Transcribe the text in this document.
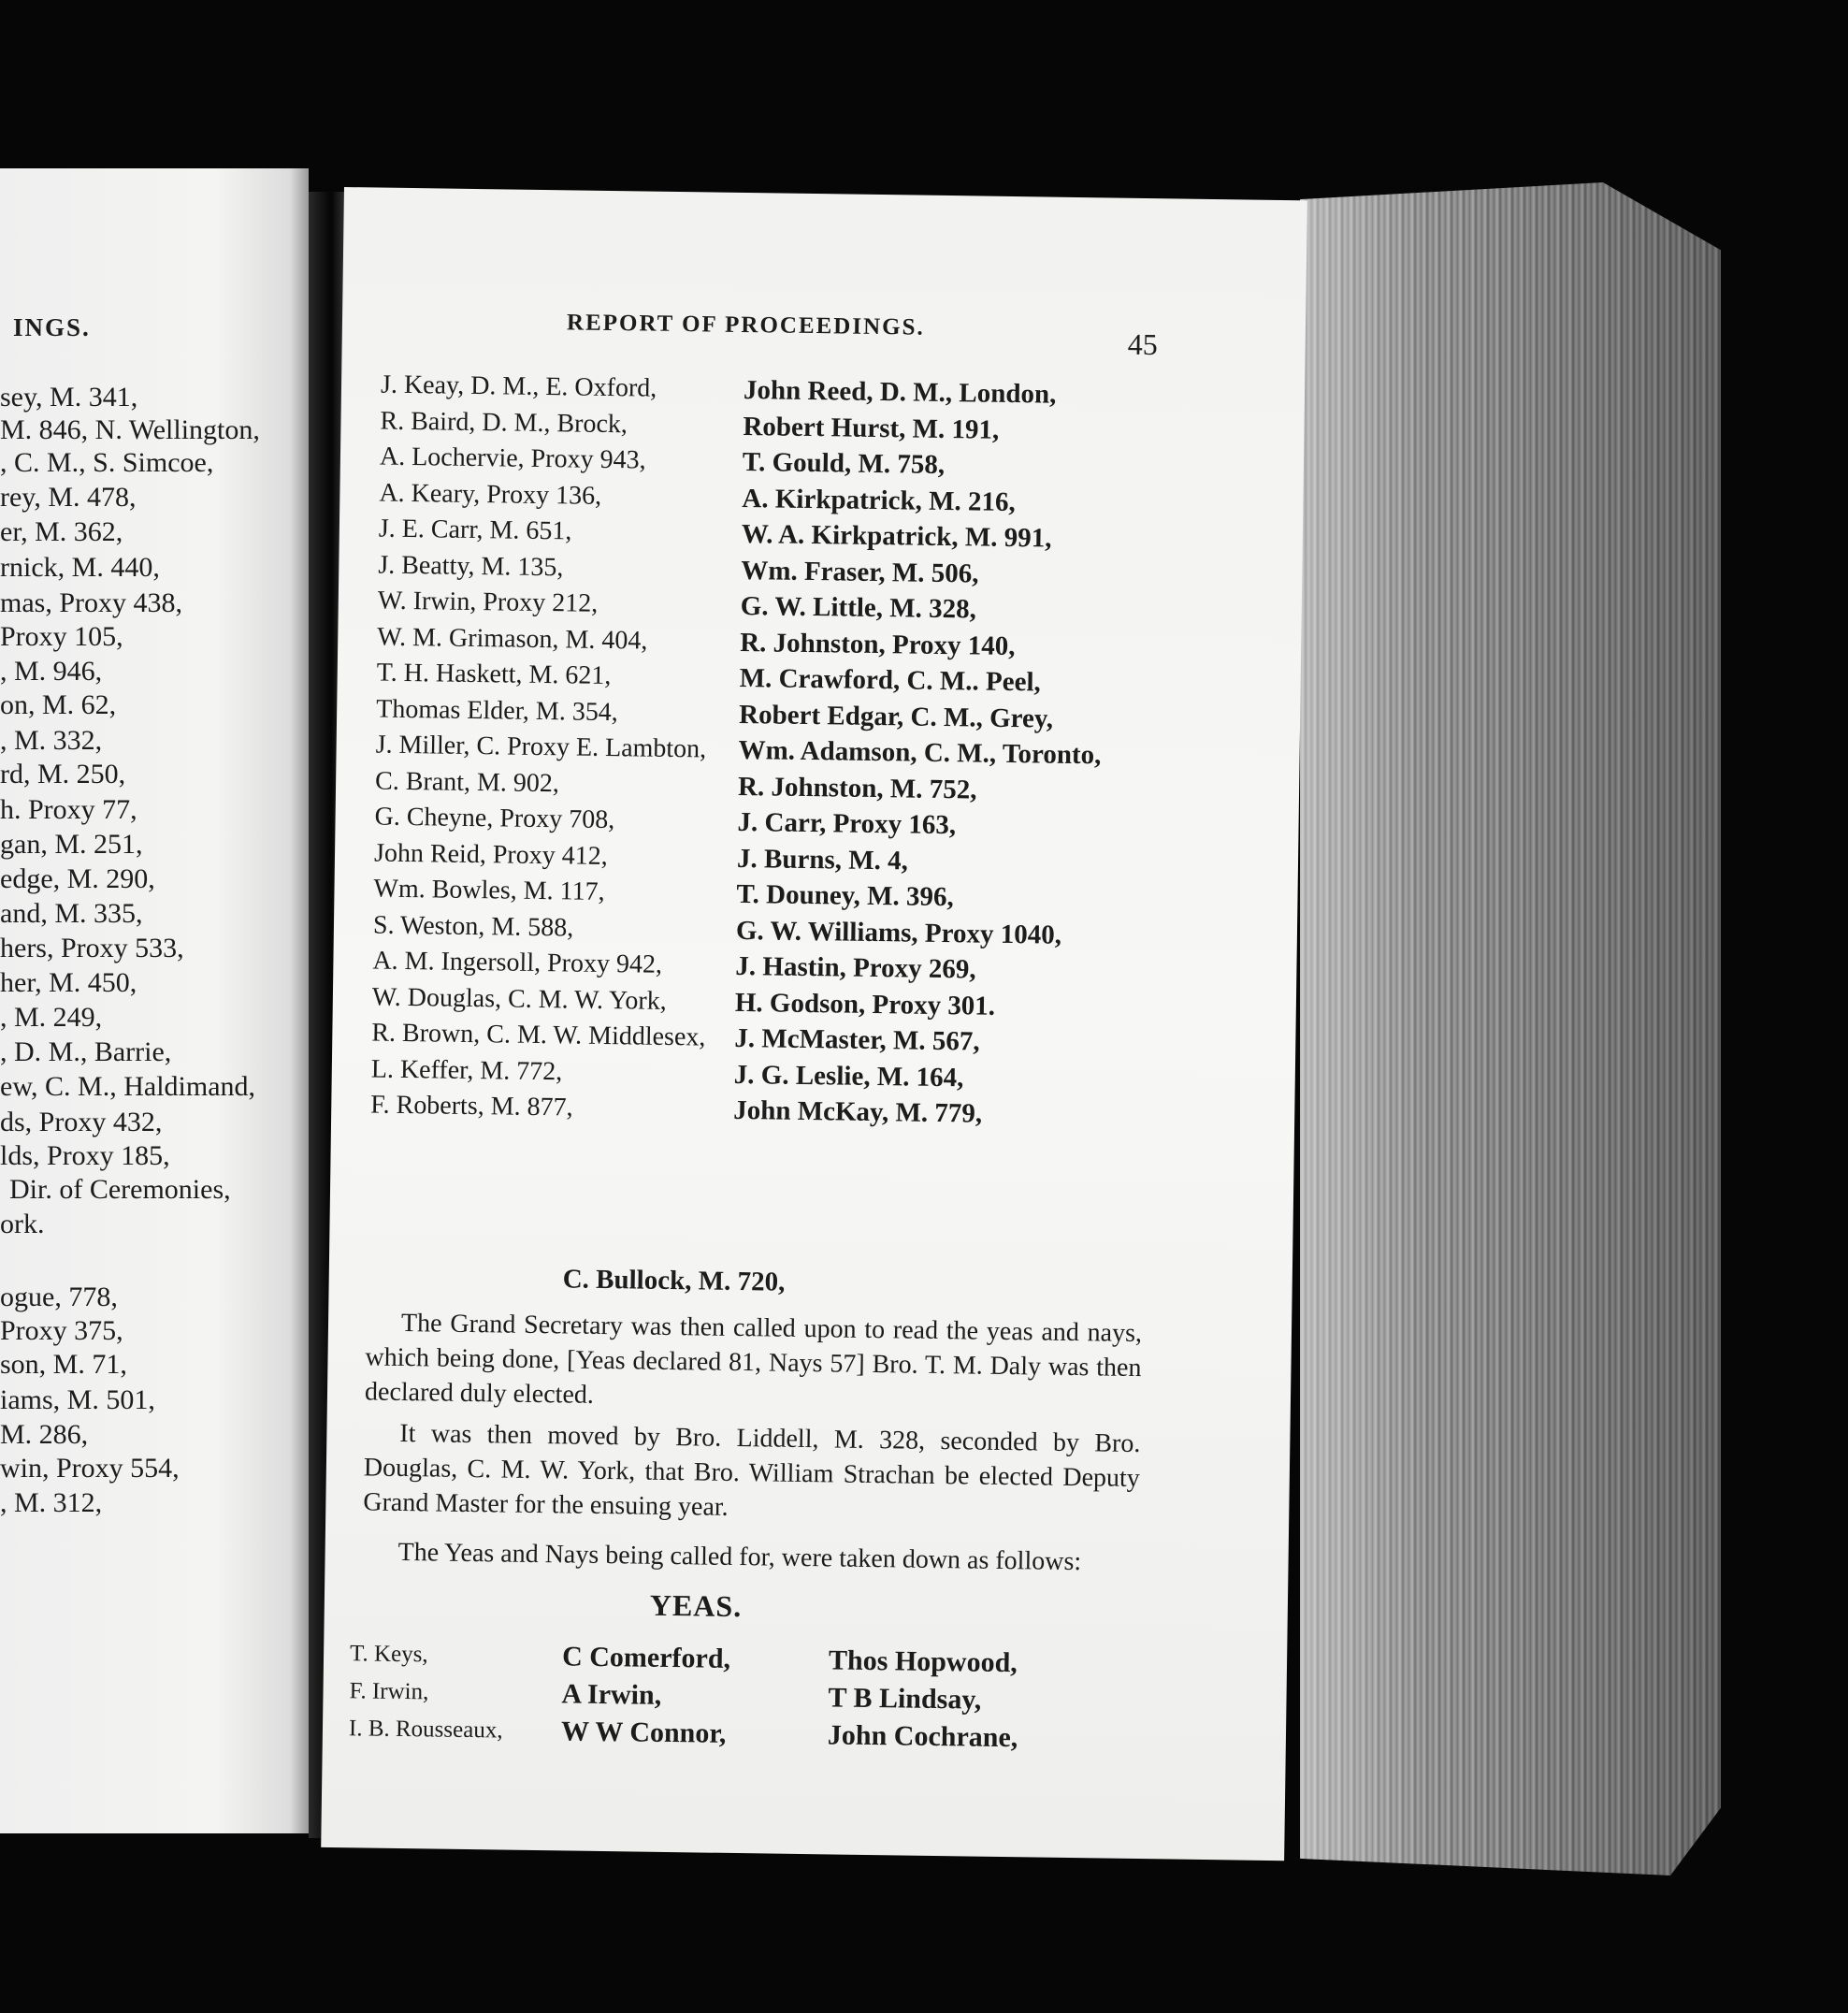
INGS.
sey, M. 341,
M. 846, N. Wellington,
, C. M., S. Simcoe,
rey, M. 478,
er, M. 362,
rnick, M. 440,
mas, Proxy 438,
Proxy 105,
, M. 946,
on, M. 62,
, M. 332,
rd, M. 250,
h. Proxy 77,
gan, M. 251,
edge, M. 290,
and, M. 335,
hers, Proxy 533,
her, M. 450,
, M. 249,
, D. M., Barrie,
ew, C. M., Haldimand,
ds, Proxy 432,
lds, Proxy 185,
Dir. of Ceremonies,
ork.
ogue, 778,
Proxy 375,
son, M. 71,
iams, M. 501,
M. 286,
win, Proxy 554,
, M. 312,
REPORT OF PROCEEDINGS.
45
J. Keay, D. M., E. Oxford,
R. Baird, D. M., Brock,
A. Lochervie, Proxy 943,
A. Keary, Proxy 136,
J. E. Carr, M. 651,
J. Beatty, M. 135,
W. Irwin, Proxy 212,
W. M. Grimason, M. 404,
T. H. Haskett, M. 621,
Thomas Elder, M. 354,
J. Miller, C. Proxy E. Lambton,
C. Brant, M. 902,
G. Cheyne, Proxy 708,
John Reid, Proxy 412,
Wm. Bowles, M. 117,
S. Weston, M. 588,
A. M. Ingersoll, Proxy 942,
W. Douglas, C. M. W. York,
R. Brown, C. M. W. Middlesex,
L. Keffer, M. 772,
F. Roberts, M. 877,
John Reed, D. M., London,
Robert Hurst, M. 191,
T. Gould, M. 758,
A. Kirkpatrick, M. 216,
W. A. Kirkpatrick, M. 991,
Wm. Fraser, M. 506,
G. W. Little, M. 328,
R. Johnston, Proxy 140,
M. Crawford, C. M.. Peel,
Robert Edgar, C. M., Grey,
Wm. Adamson, C. M., Toronto,
R. Johnston, M. 752,
J. Carr, Proxy 163,
J. Burns, M. 4,
T. Douney, M. 396,
G. W. Williams, Proxy 1040,
J. Hastin, Proxy 269,
H. Godson, Proxy 301.
J. McMaster, M. 567,
J. G. Leslie, M. 164,
John McKay, M. 779,
C. Bullock, M. 720,
The Grand Secretary was then called upon to read the yeas and nays, which being done, [Yeas declared 81, Nays 57] Bro. T. M. Daly was then declared duly elected.
It was then moved by Bro. Liddell, M. 328, seconded by Bro. Douglas, C. M. W. York, that Bro. William Strachan be elected Deputy Grand Master for the ensuing year.
The Yeas and Nays being called for, were taken down as follows:
YEAS.
T. Keys,
F. Irwin,
I. B. Rousseaux,
C Comerford,
A Irwin,
W W Connor,
Thos Hopwood,
T B Lindsay,
John Cochrane,
